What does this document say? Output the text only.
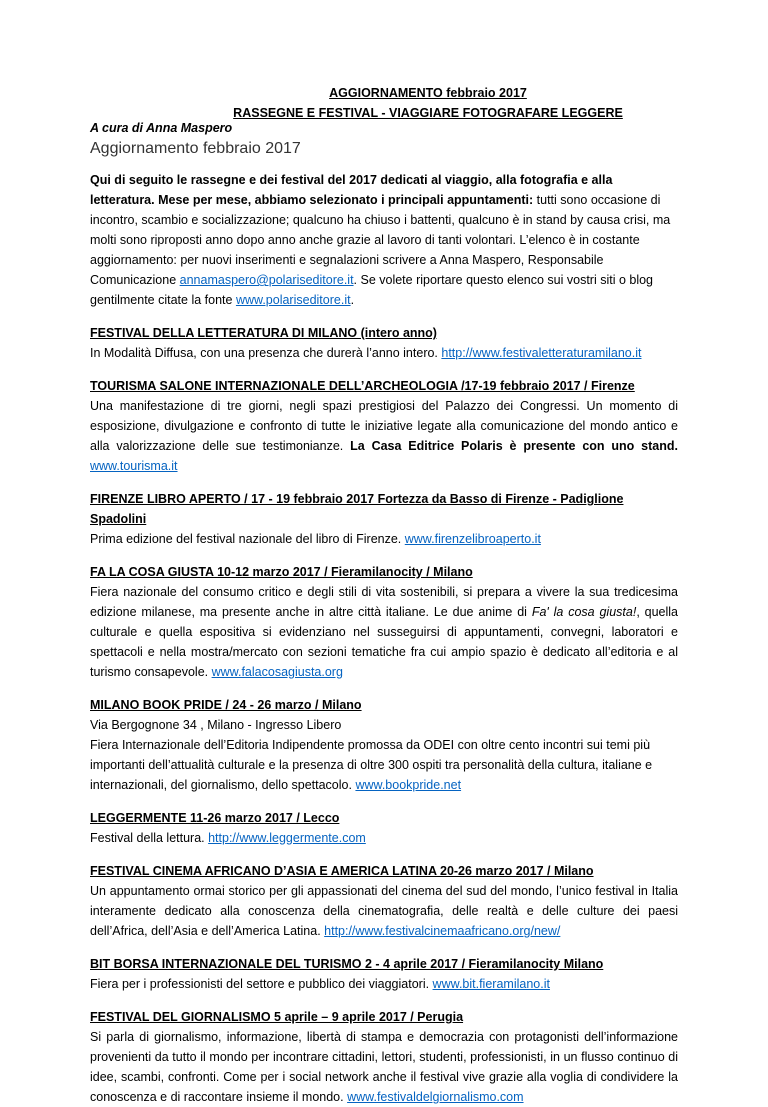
AGGIORNAMENTO febbraio 2017
RASSEGNE E FESTIVAL - VIAGGIARE FOTOGRAFARE LEGGERE
A cura di Anna Maspero
Aggiornamento febbraio 2017
Qui di seguito le rassegne e dei festival del 2017 dedicati al viaggio, alla fotografia e alla letteratura. Mese per mese, abbiamo selezionato i principali appuntamenti: tutti sono occasione di incontro, scambio e socializzazione; qualcuno ha chiuso i battenti, qualcuno è in stand by causa crisi, ma molti sono riproposti anno dopo anno anche grazie al lavoro di tanti volontari. L’elenco è in costante aggiornamento: per nuovi inserimenti e segnalazioni scrivere a Anna Maspero, Responsabile Comunicazione annamaspero@polariseditore.it. Se volete riportare questo elenco sui vostri siti o blog gentilmente citate la fonte www.polariseditore.it.
FESTIVAL DELLA LETTERATURA DI MILANO (intero anno)
In Modalità Diffusa, con una presenza che durerà l’anno intero. http://www.festivaletteraturamilano.it
TOURISMA SALONE INTERNAZIONALE DELL’ARCHEOLOGIA /17-19 febbraio 2017 / Firenze
Una manifestazione di tre giorni, negli spazi prestigiosi del Palazzo dei Congressi. Un momento di esposizione, divulgazione e confronto di tutte le iniziative legate alla comunicazione del mondo antico e alla valorizzazione delle sue testimonianze. La Casa Editrice Polaris è presente con uno stand. www.tourisma.it
FIRENZE LIBRO APERTO / 17 - 19 febbraio 2017 Fortezza da Basso di Firenze - Padiglione Spadolini
Prima edizione del festival nazionale del libro di Firenze. www.firenzelibroaperto.it
FA LA COSA GIUSTA 10-12 marzo 2017 / Fieramilanocity / Milano
Fiera nazionale del consumo critico e degli stili di vita sostenibili, si prepara a vivere la sua tredicesima edizione milanese, ma presente anche in altre città italiane. Le due anime di Fa' la cosa giusta!, quella culturale e quella espositiva si evidenziano nel susseguirsi di appuntamenti, convegni, laboratori e spettacoli e nella mostra/mercato con sezioni tematiche fra cui ampio spazio è dedicato all’editoria e al turismo consapevole. www.falacosagiusta.org
MILANO BOOK PRIDE / 24 - 26 marzo / Milano
Via Bergognone 34 , Milano - Ingresso Libero
Fiera Internazionale dell’Editoria Indipendente promossa da ODEI con oltre cento incontri sui temi più importanti dell’attualità culturale e la presenza di oltre 300 ospiti tra personalità della cultura, italiane e internazionali, del giornalismo, dello spettacolo. www.bookpride.net
LEGGERMENTE 11-26 marzo 2017 / Lecco
Festival della lettura. http://www.leggermente.com
FESTIVAL CINEMA AFRICANO D’ASIA E AMERICA LATINA 20-26 marzo 2017 / Milano
Un appuntamento ormai storico per gli appassionati del cinema del sud del mondo, l’unico festival in Italia interamente dedicato alla conoscenza della cinematografia, delle realtà e delle culture dei paesi dell’Africa, dell’Asia e dell’America Latina. http://www.festivalcinemaafricano.org/new/
BIT BORSA INTERNAZIONALE DEL TURISMO 2 - 4 aprile 2017 / Fieramilanocity Milano
Fiera per i professionisti del settore e pubblico dei viaggiatori. www.bit.fieramilano.it
FESTIVAL DEL GIORNALISMO 5 aprile – 9 aprile 2017 / Perugia
Si parla di giornalismo, informazione, libertà di stampa e democrazia con protagonisti dell’informazione provenienti da tutto il mondo per incontrare cittadini, lettori, studenti, professionisti, in un flusso continuo di idee, scambi, confronti. Come per i social network anche il festival vive grazie alla voglia di condividere la conoscenza e di raccontare insieme il mondo. www.festivaldelgiornalismo.com
